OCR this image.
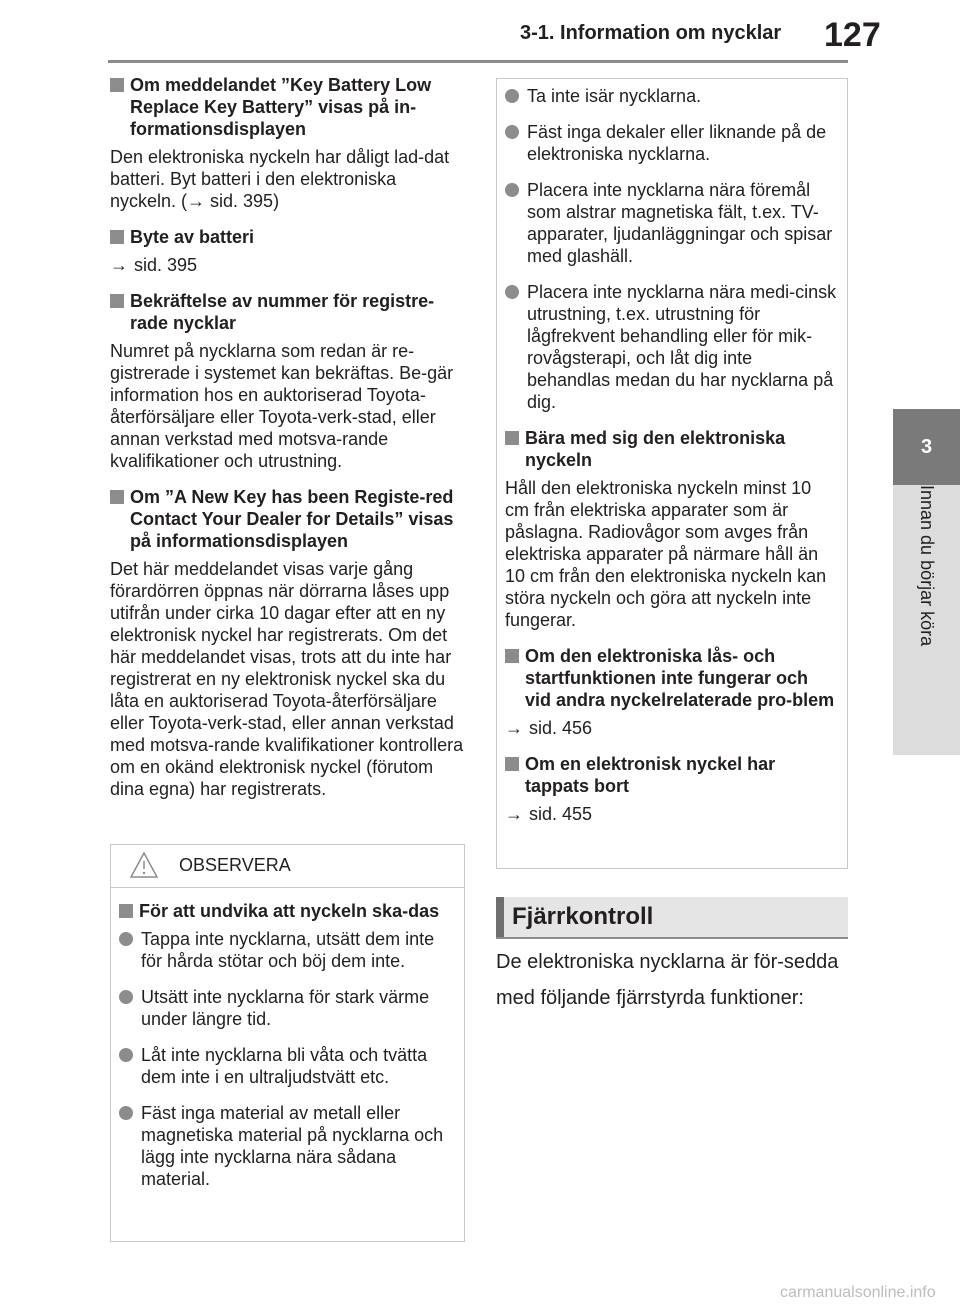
3-1. Information om nycklar 127
3
Innan du börjar köra
Om meddelandet ”Key Battery Low Replace Key Battery” visas på in-formationsdisplayen
Den elektroniska nyckeln har dåligt lad-dat batteri. Byt batteri i den elektroniska nyckeln. (→ sid. 395)
Byte av batteri
→ sid. 395
Bekräftelse av nummer för registre-rade nycklar
Numret på nycklarna som redan är re-gistrerade i systemet kan bekräftas. Be-gär information hos en auktoriserad Toyota-återförsäljare eller Toyota-verk-stad, eller annan verkstad med motsva-rande kvalifikationer och utrustning.
Om ”A New Key has been Registe-red Contact Your Dealer for Details” visas på informationsdisplayen
Det här meddelandet visas varje gång förardörren öppnas när dörrarna låses upp utifrån under cirka 10 dagar efter att en ny elektronisk nyckel har registrerats. Om det här meddelandet visas, trots att du inte har registrerat en ny elektronisk nyckel ska du låta en auktoriserad Toyota-återförsäljare eller Toyota-verk-stad, eller annan verkstad med motsva-rande kvalifikationer kontrollera om en okänd elektronisk nyckel (förutom dina egna) har registrerats.
OBSERVERA
För att undvika att nyckeln ska-das
Tappa inte nycklarna, utsätt dem inte för hårda stötar och böj dem inte.
Utsätt inte nycklarna för stark värme under längre tid.
Låt inte nycklarna bli våta och tvätta dem inte i en ultraljudstvätt etc.
Fäst inga material av metall eller magnetiska material på nycklarna och lägg inte nycklarna nära sådana material.
Ta inte isär nycklarna.
Fäst inga dekaler eller liknande på de elektroniska nycklarna.
Placera inte nycklarna nära föremål som alstrar magnetiska fält, t.ex. TV-apparater, ljudanläggningar och spisar med glashäll.
Placera inte nycklarna nära medi-cinsk utrustning, t.ex. utrustning för lågfrekvent behandling eller för mik-rovågsterapi, och låt dig inte behandlas medan du har nycklarna på dig.
Bära med sig den elektroniska nyckeln
Håll den elektroniska nyckeln minst 10 cm från elektriska apparater som är påslagna. Radiovågor som avges från elektriska apparater på närmare håll än 10 cm från den elektroniska nyckeln kan störa nyckeln och göra att nyckeln inte fungerar.
Om den elektroniska lås- och startfunktionen inte fungerar och vid andra nyckelrelaterade pro-blem
→ sid. 456
Om en elektronisk nyckel har tappats bort
→ sid. 455
Fjärrkontroll
De elektroniska nycklarna är för-sedda med följande fjärrstyrda funktioner:
carmanualsonline.info
